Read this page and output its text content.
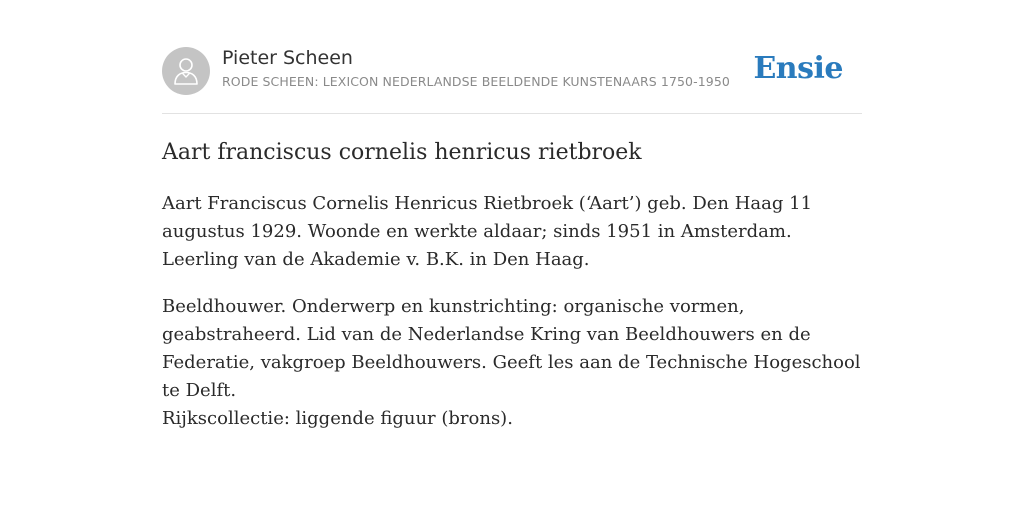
Pieter Scheen
RODE SCHEEN: LEXICON NEDERLANDSE BEELDENDE KUNSTENAARS 1750-1950 Ensie
Aart franciscus cornelis henricus rietbroek

Aart Franciscus Cornelis Henricus Rietbroek (‘Aart’) geb. Den Haag 11 augustus 1929. Woonde en werkte aldaar; sinds 1951 in Amsterdam. Leerling van de Akademie v. B.K. in Den Haag.

Beeldhouwer. Onderwerp en kunstrichting: organische vormen, geabstraheerd. Lid van de Nederlandse Kring van Beeldhouwers en de Federatie, vakgroep Beeldhouwers. Geeft les aan de Technische Hogeschool te Delft.

Rijkscollectie: liggende figuur (brons).
